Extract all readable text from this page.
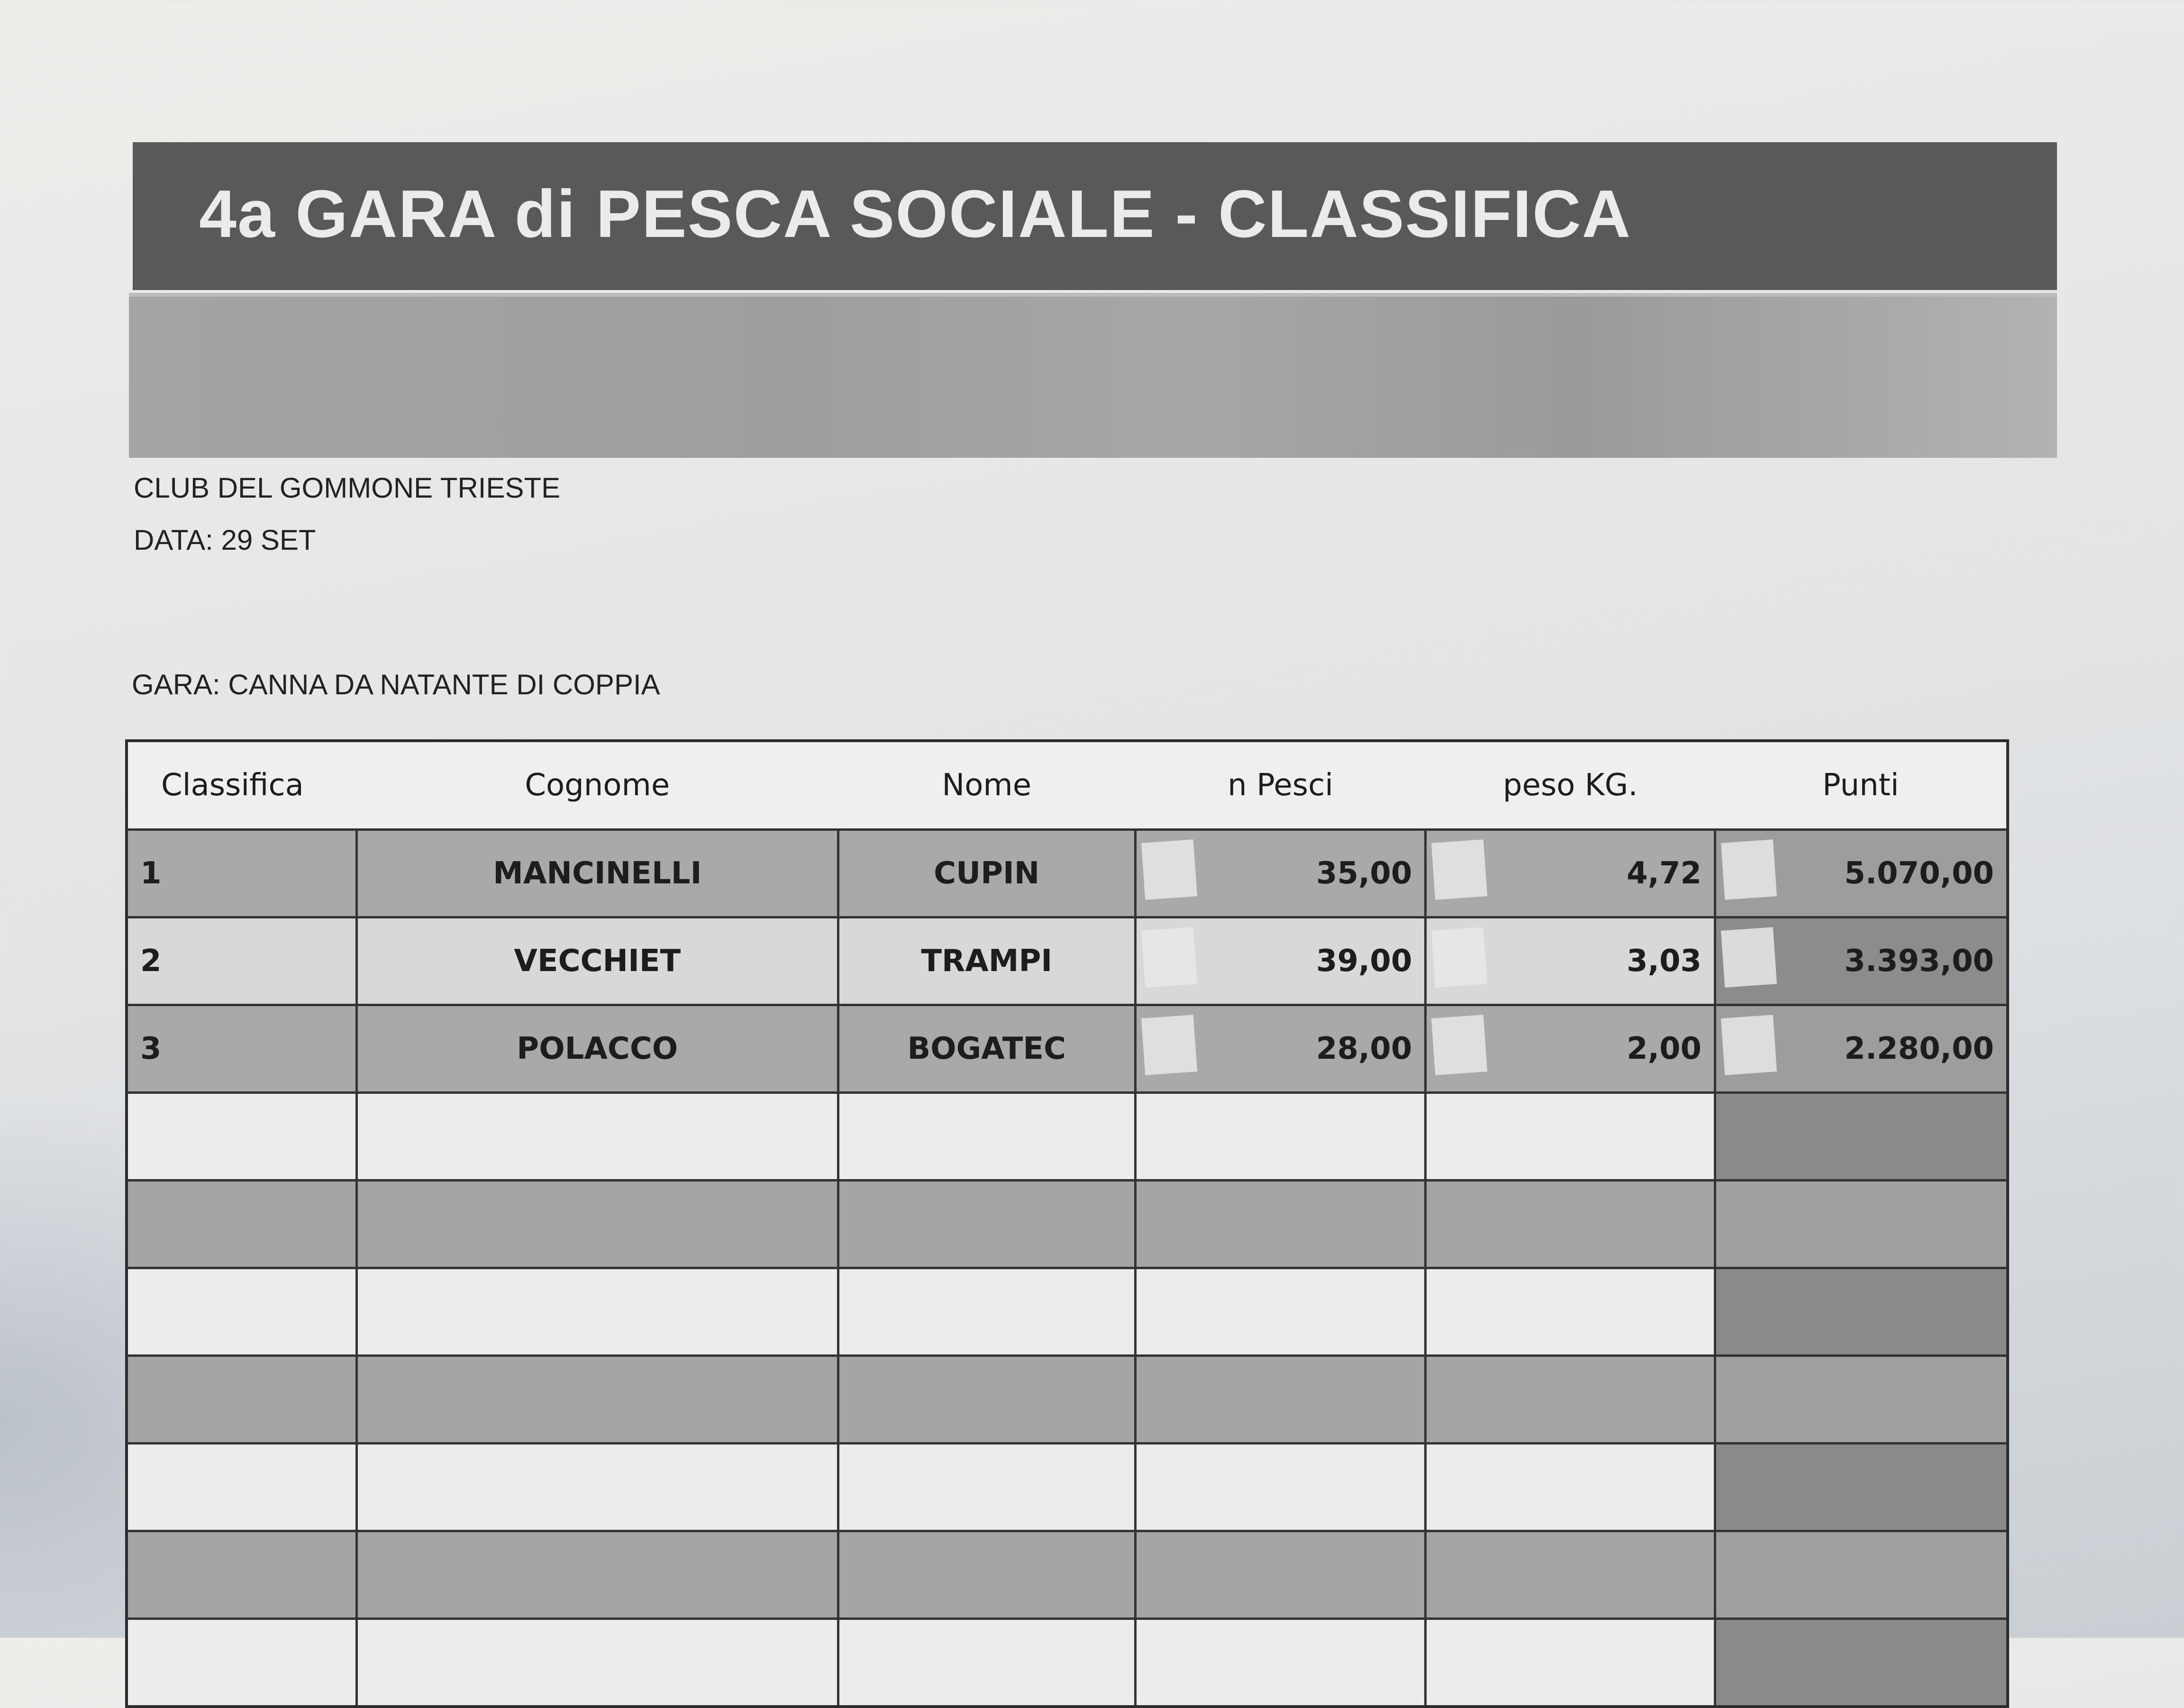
4a GARA di PESCA SOCIALE - CLASSIFICA
CLUB DEL GOMMONE TRIESTE
DATA: 29 SET
GARA: CANNA DA NATANTE DI COPPIA
Classifica	Cognome	Nome	n Pesci	peso KG.	Punti
1	MANCINELLI	CUPIN	35,00	4,72	5.070,00
2	VECCHIET	TRAMPI	39,00	3,03	3.393,00
3	POLACCO	BOGATEC	28,00	2,00	2.280,00
